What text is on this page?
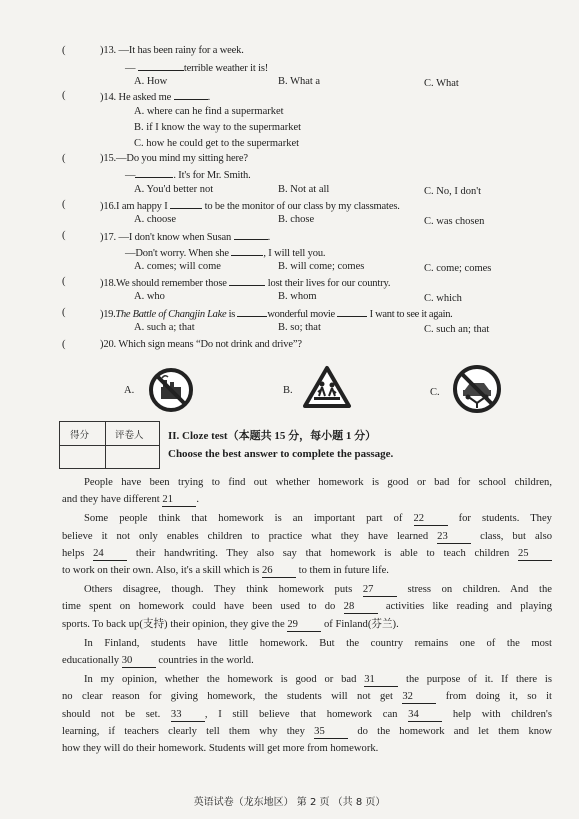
(	)13. —It has been rainy for a week.
—	terrible weather it is!
A. How	B. What a	C. What
(	)14. He asked me	.
A. where can he find a supermarket
B. if I know the way to the supermarket
C. how he could get to the supermarket
(	)15.—Do you mind my sitting here?
—	. It's for Mr. Smith.
A. You'd better not	B. Not at all	C. No, I don't
(	)16.I am happy I	to be the monitor of our class by my classmates.
A. choose	B. chose	C. was chosen
(	)17. —I don't know when Susan	.
—Don't worry. When she	, I will tell you.
A. comes; will come	B. will come; comes	C. come; comes
(	)18.We should remember those	lost their lives for our country.
A. who	B. whom	C. which
(	)19.The Battle of Changjin Lake is	wonderful movie	I want to see it again.
A. such a; that	B. so; that	C. such an; that
(	)20. Which sign means “Do not drink and drive”?
A.	B.	C.
得分	评卷人 II. Cloze test（本题共 15 分，每小题 1 分）
Choose the best answer to complete the passage.
People have been trying to find out whether homework is good or bad for school children,
and they have different 21 .
Some people think that homework is an important part of 22	for students. They
believe it not only enables children to practice what they have learned 23	class, but also
helps 24	their handwriting. They also say that homework is able to teach children 25
to work on their own. Also, it's a skill which is 26 to them in future life.
Others disagree, though. They think homework puts 27	stress on children. And the
time spent on homework could have been used to do 28	activities like reading and playing
sports. To back up(支持) their opinion, they give the 29 of Finland(芬兰).
In Finland, students have little homework. But the country remains one of the most
educationally 30 countries in the world.
In my opinion, whether the homework is good or bad 31	the purpose of it. If there is
no clear reason for giving homework, the students will not get 32	from doing it, so it
should not be set. 33 , I still believe that homework can 34	help with children's
learning, if teachers clearly tell them why they 35	do the homework and let them know
how they will do their homework. Students will get more from homework.
英语试卷（龙东地区） 第 2 页 （共 8 页）
